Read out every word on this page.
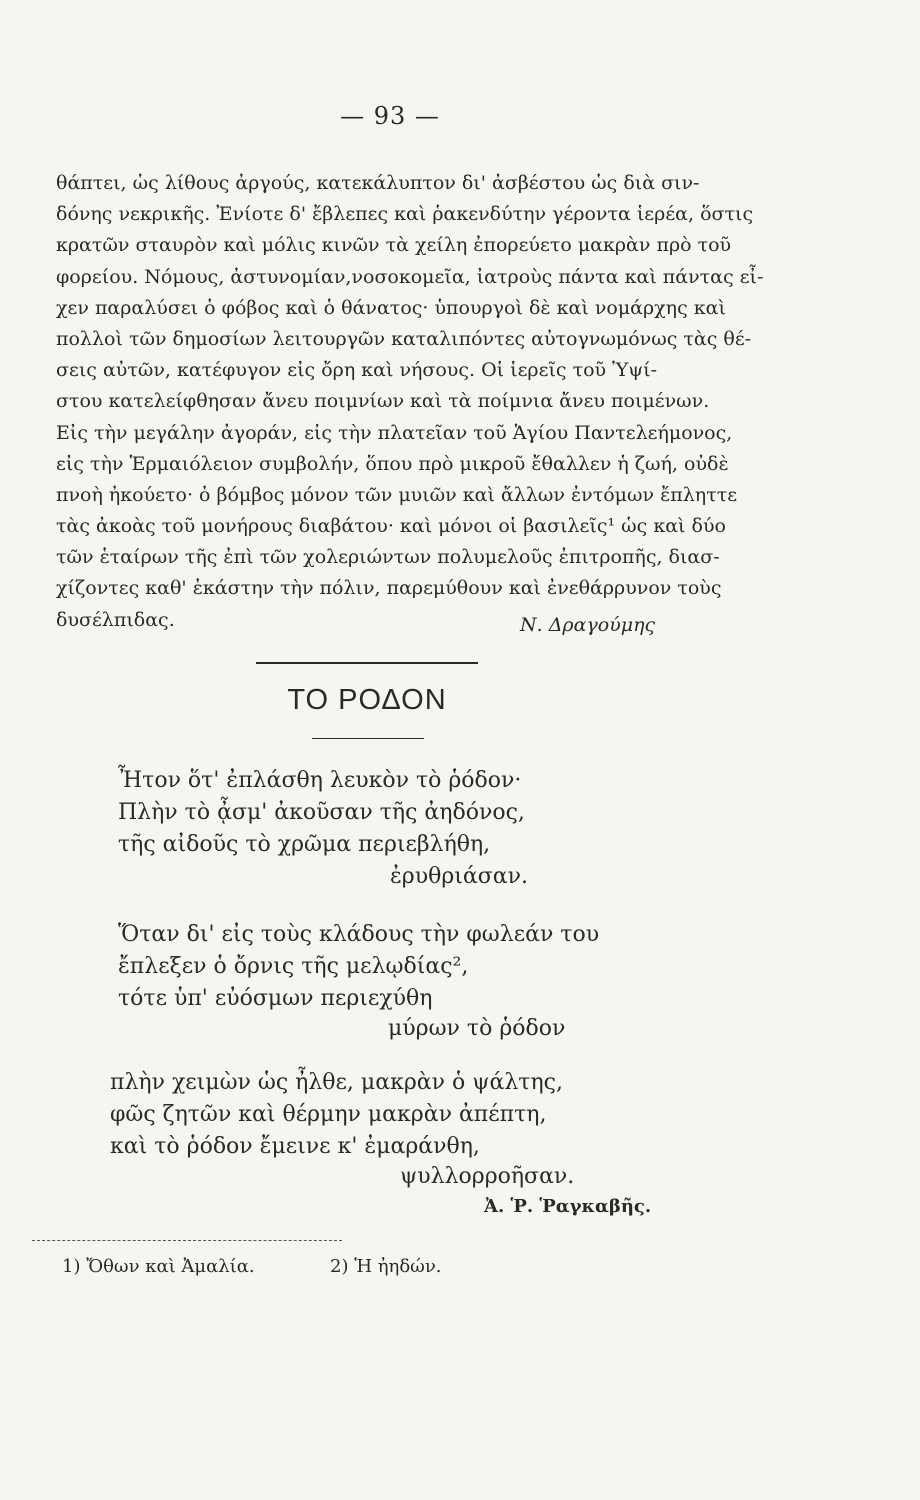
— 93 —
θάπτει, ὡς λίθους ἀργούς, κατεκάλυπτον δι' ἀσβέστου ὡς διὰ σιν-
δόνης νεκρικῆς. Ἐνίοτε δ' ἔβλεπες καὶ ῥακενδύτην γέροντα ἱερέα, ὅστις
κρατῶν σταυρὸν καὶ μόλις κινῶν τὰ χείλη ἐπορεύετο μακρὰν πρὸ τοῦ
φορείου. Νόμους, ἀστυνομίαν,νοσοκομεῖα, ἰατροὺς πάντα καὶ πάντας εἶ-
χεν παραλύσει ὁ φόβος καὶ ὁ θάνατος· ὑπουργοὶ δὲ καὶ νομάρχης καὶ
πολλοὶ τῶν δημοσίων λειτουργῶν καταλιπόντες αὐτογνωμόνως τὰς θέ-
σεις αὐτῶν, κατέφυγον εἰς ὄρη καὶ νήσους. Οἱ ἱερεῖς τοῦ Ὑψί-
στου κατελείφθησαν ἄνευ ποιμνίων καὶ τὰ ποίμνια ἄνευ ποιμένων.
Εἰς τὴν μεγάλην ἀγοράν, εἰς τὴν πλατεῖαν τοῦ Ἁγίου Παντελεήμονος,
εἰς τὴν Ἑρμαιόλειον συμβολήν, ὅπου πρὸ μικροῦ ἔθαλλεν ἡ ζωή, οὐδὲ
πνοὴ ἠκούετο· ὁ βόμβος μόνον τῶν μυιῶν καὶ ἄλλων ἐντόμων ἔπληττε
τὰς ἀκοὰς τοῦ μονήρους διαβάτου· καὶ μόνοι οἱ βασιλεῖς¹ ὡς καὶ δύο
τῶν ἑταίρων τῆς ἐπὶ τῶν χολεριώντων πολυμελοῦς ἐπιτροπῆς, διασ-
χίζοντες καθ' ἑκάστην τὴν πόλιν, παρεμύθουν καὶ ἐνεθάρρυνον τοὺς
δυσέλπιδας.	Ν. Δραγούμης
ΤΟ ΡΟΔΟΝ
Ἦτον ὅτ' ἐπλάσθη λευκὸν τὸ ῥόδον·
Πλὴν τὸ ᾆσμ' ἀκοῦσαν τῆς ἀηδόνος,
τῆς αἰδοῦς τὸ χρῶμα περιεβλήθη,
ἐρυθριάσαν.
Ὅταν δι' εἰς τοὺς κλάδους τὴν φωλεάν του
ἔπλεξεν ὁ ὄρνις τῆς μελῳδίας²,
τότε ὑπ' εὐόσμων περιεχύθη
μύρων τὸ ῥόδον
πλὴν χειμὼν ὡς ἦλθε, μακρὰν ὁ ψάλτης,
φῶς ζητῶν καὶ θέρμην μακρὰν ἀπέπτη,
καὶ τὸ ῥόδον ἔμεινε κ' ἐμαράνθη,
ψυλλορροῆσαν.
Ἀ. Ῥ. Ῥαγκαβῆς.
1) Ὄθων καὶ Ἀμαλία.	2) Ἡ ἠηδών.
